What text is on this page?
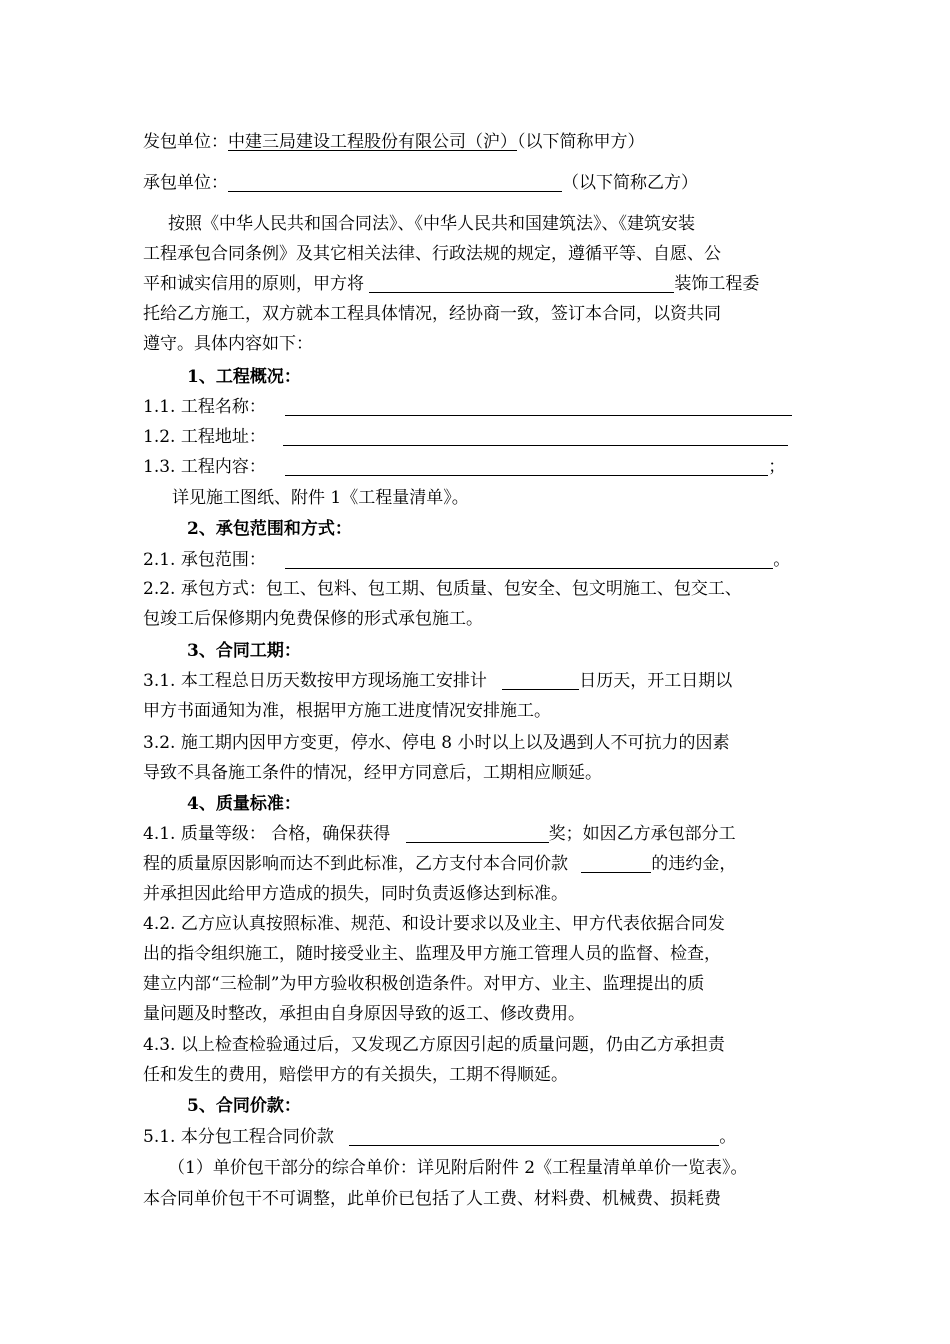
发包单位：中建三局建设工程股份有限公司（沪）（以下简称甲方）
承包单位：	（以下简称乙方）
按照《中华人民共和国合同法》、《中华人民共和国建筑法》、《建筑安装
工程承包合同条例》及其它相关法律、行政法规的规定，遵循平等、自愿、公
平和诚实信用的原则，甲方将	装饰工程委
托给乙方施工，双方就本工程具体情况，经协商一致，签订本合同，以资共同
遵守。具体内容如下：
1、工程概况：
1.1. 工程名称：
1.2. 工程地址：
1.3. 工程内容：	；
详见施工图纸、附件 1《工程量清单》。
2、承包范围和方式：
2.1. 承包范围：	。
2.2. 承包方式：包工、包料、包工期、包质量、包安全、包文明施工、包交工、
包竣工后保修期内免费保修的形式承包施工。
3、合同工期：
3.1. 本工程总日历天数按甲方现场施工安排计	日历天，开工日期以
甲方书面通知为准，根据甲方施工进度情况安排施工。
3.2. 施工期内因甲方变更，停水、停电 8 小时以上以及遇到人不可抗力的因素
导致不具备施工条件的情况，经甲方同意后，工期相应顺延。
4、质量标准：
4.1. 质量等级： 合格，确保获得	奖；如因乙方承包部分工
程的质量原因影响而达不到此标准，乙方支付本合同价款	的违约金，
并承担因此给甲方造成的损失，同时负责返修达到标准。
4.2. 乙方应认真按照标准、规范、和设计要求以及业主、甲方代表依据合同发
出的指令组织施工，随时接受业主、监理及甲方施工管理人员的监督、检查，
建立内部“三检制”为甲方验收积极创造条件。对甲方、业主、监理提出的质
量问题及时整改，承担由自身原因导致的返工、修改费用。
4.3. 以上检查检验通过后，又发现乙方原因引起的质量问题，仍由乙方承担责
任和发生的费用，赔偿甲方的有关损失，工期不得顺延。
5、合同价款：
5.1. 本分包工程合同价款	。
（1）单价包干部分的综合单价：详见附后附件 2《工程量清单单价一览表》。
本合同单价包干不可调整，此单价已包括了人工费、材料费、机械费、损耗费
